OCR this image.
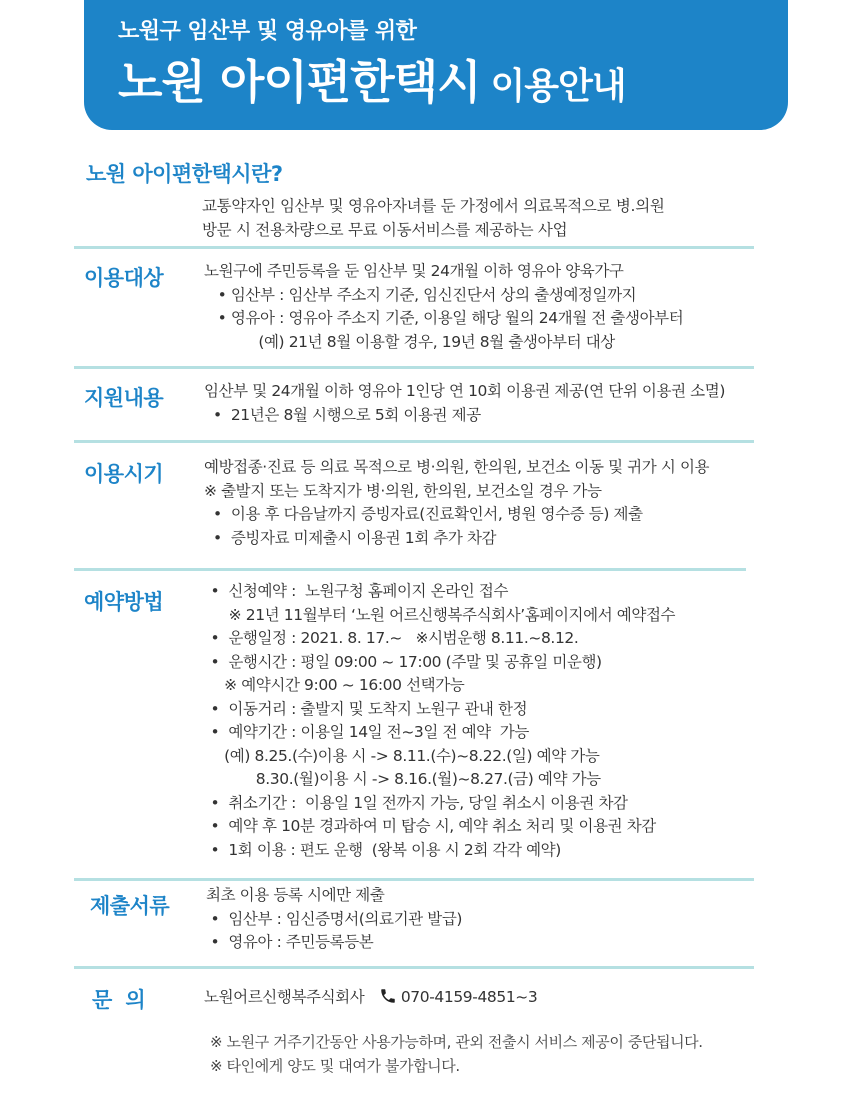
노원구 임산부 및 영유아를 위한
노원 아이편한택시 이용안내
노원 아이편한택시란?
교통약자인 임산부 및 영유아자녀를 둔 가정에서 의료목적으로 병.의원
방문 시 전용차량으로 무료 이동서비스를 제공하는 사업
이용대상	노원구에 주민등록을 둔 임산부 및 24개월 이하 영유아 양육가구
• 임산부 : 임산부 주소지 기준, 임신진단서 상의 출생예정일까지
• 영유아 : 영유아 주소지 기준, 이용일 해당 월의 24개월 전 출생아부터
(예) 21년 8월 이용할 경우, 19년 8월 출생아부터 대상
지원내용	임산부 및 24개월 이하 영유아 1인당 연 10회 이용권 제공(연 단위 이용권 소멸)
•  21년은 8월 시행으로 5회 이용권 제공
이용시기	예방접종·진료 등 의료 목적으로 병·의원, 한의원, 보건소 이동 및 귀가 시 이용
※ 출발지 또는 도착지가 병·의원, 한의원, 보건소일 경우 가능
•  이용 후 다음날까지 증빙자료(진료확인서, 병원 영수증 등) 제출
•  증빙자료 미제출시 이용권 1회 추가 차감
예약방법	•  신청예약 :  노원구청 홈페이지 온라인 접수
※ 21년 11월부터 ‘노원 어르신행복주식회사’홈페이지에서 예약접수
•  운행일정 : 2021. 8. 17.~   ※시범운행 8.11.~8.12.
•  운행시간 : 평일 09:00 ~ 17:00 (주말 및 공휴일 미운행)
※ 예약시간 9:00 ~ 16:00 선택가능
•  이동거리 : 출발지 및 도착지 노원구 관내 한정
•  예약기간 : 이용일 14일 전~3일 전 예약  가능
(예) 8.25.(수)이용 시 -> 8.11.(수)~8.22.(일) 예약 가능
8.30.(월)이용 시 -> 8.16.(월)~8.27.(금) 예약 가능
•  취소기간 :  이용일 1일 전까지 가능, 당일 취소시 이용권 차감
•  예약 후 10분 경과하여 미 탑승 시, 예약 취소 처리 및 이용권 차감
•  1회 이용 : 편도 운행  (왕복 이용 시 2회 각각 예약)
제출서류 최초 이용 등록 시에만 제출
•  임산부 : 임신증명서(의료기관 발급)
•  영유아 : 주민등록등본
문  의	노원어르신행복주식회사 070-4159-4851~3
※ 노원구 거주기간동안 사용가능하며, 관외 전출시 서비스 제공이 중단됩니다.
※ 타인에게 양도 및 대여가 불가합니다.
